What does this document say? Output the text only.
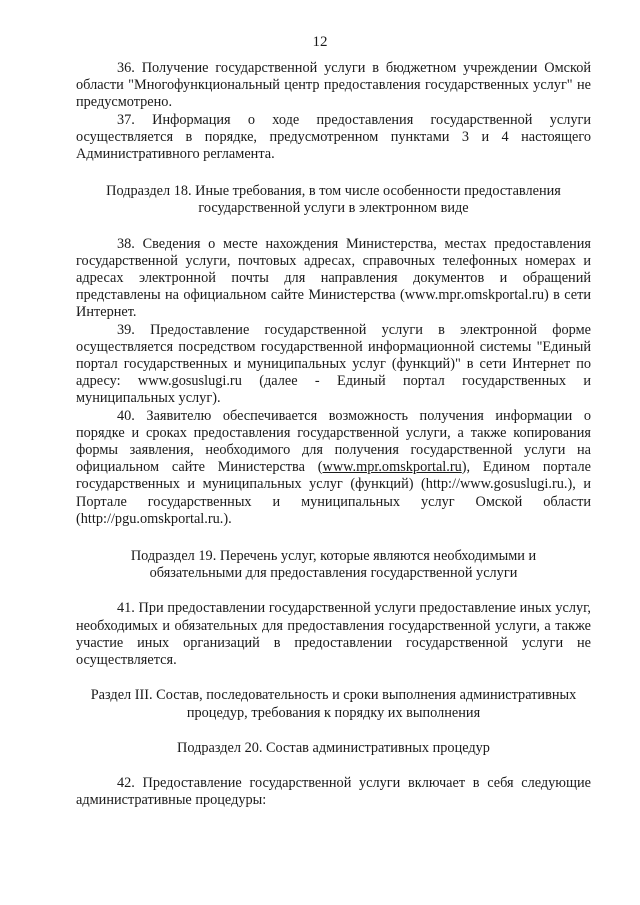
12

36. Получение государственной услуги в бюджетном учреждении Омской области "Многофункциональный центр предоставления государственных услуг" не предусмотрено.

37. Информация о ходе предоставления государственной услуги осуществляется в порядке, предусмотренном пунктами 3 и 4 настоящего Административного регламента.

Подраздел 18. Иные требования, в том числе особенности предоставления
государственной услуги в электронном виде

38. Сведения о месте нахождения Министерства, местах предоставления государственной услуги, почтовых адресах, справочных телефонных номерах и адресах электронной почты для направления документов и обращений представлены на официальном сайте Министерства (www.mpr.omskportal.ru) в сети Интернет.

39. Предоставление государственной услуги в электронной форме осуществляется посредством государственной информационной системы "Единый портал государственных и муниципальных услуг (функций)" в сети Интернет по адресу: www.gosuslugi.ru (далее - Единый портал государственных и муниципальных услуг).

40. Заявителю обеспечивается возможность получения информации о порядке и сроках предоставления государственной услуги, а также копирования формы заявления, необходимого для получения государственной услуги на официальном сайте Министерства (www.mpr.omskportal.ru), Едином портале государственных и муниципальных услуг (функций) (http://www.gosuslugi.ru.), и Портале государственных и муниципальных услуг Омской области (http://pgu.omskportal.ru.).

Подраздел 19. Перечень услуг, которые являются необходимыми и
обязательными для предоставления государственной услуги

41. При предоставлении государственной услуги предоставление иных услуг, необходимых и обязательных для предоставления государственной услуги, а также участие иных организаций в предоставлении государственной услуги не осуществляется.

Раздел III. Состав, последовательность и сроки выполнения административных
процедур, требования к порядку их выполнения
Подраздел 20. Состав административных процедур

42. Предоставление государственной услуги включает в себя следующие административные процедуры:
